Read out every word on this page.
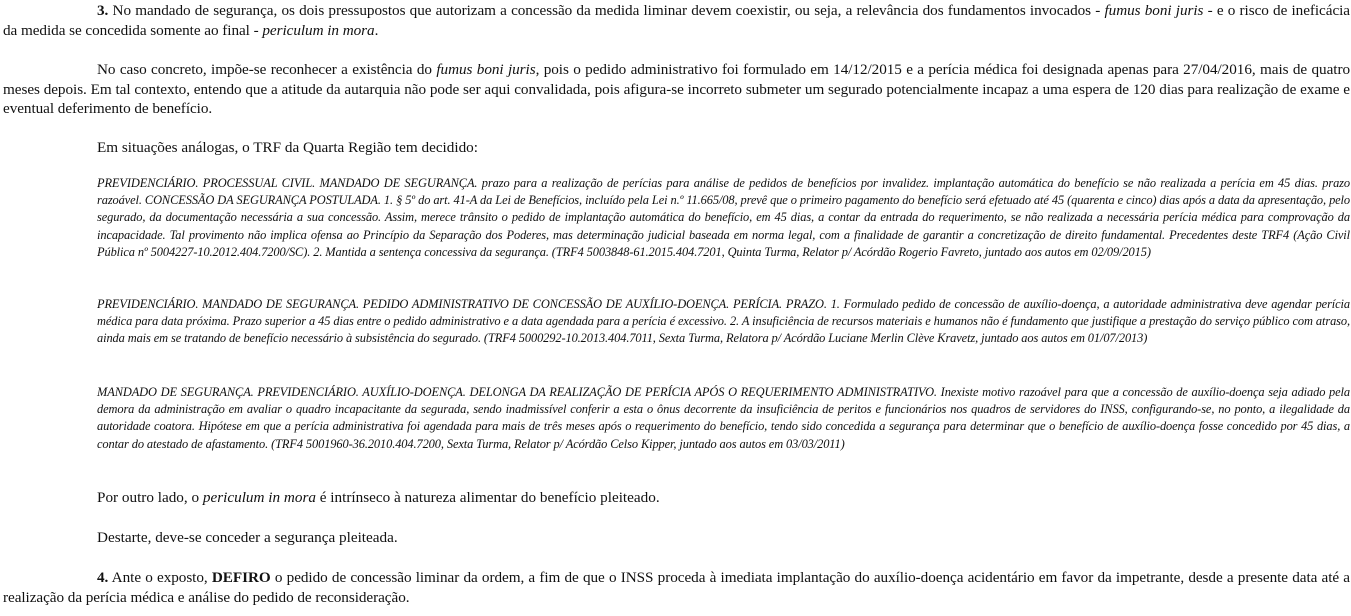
3. No mandado de segurança, os dois pressupostos que autorizam a concessão da medida liminar devem coexistir, ou seja, a relevância dos fundamentos invocados - fumus boni juris - e o risco de ineficácia da medida se concedida somente ao final - periculum in mora.

No caso concreto, impõe-se reconhecer a existência do fumus boni juris, pois o pedido administrativo foi formulado em 14/12/2015 e a perícia médica foi designada apenas para 27/04/2016, mais de quatro meses depois. Em tal contexto, entendo que a atitude da autarquia não pode ser aqui convalidada, pois afigura-se incorreto submeter um segurado potencialmente incapaz a uma espera de 120 dias para realização de exame e eventual deferimento de benefício.

Em situações análogas, o TRF da Quarta Região tem decidido:

PREVIDENCIÁRIO. PROCESSUAL CIVIL. MANDADO DE SEGURANÇA. prazo para a realização de perícias para análise de pedidos de benefícios por invalidez. implantação automática do benefício se não realizada a perícia em 45 dias. prazo razoável. CONCESSÃO DA SEGURANÇA POSTULADA. 1. § 5º do art. 41-A da Lei de Benefícios, incluído pela Lei n.º 11.665/08, prevê que o primeiro pagamento do benefício será efetuado até 45 (quarenta e cinco) dias após a data da apresentação, pelo segurado, da documentação necessária a sua concessão. Assim, merece trânsito o pedido de implantação automática do benefício, em 45 dias, a contar da entrada do requerimento, se não realizada a necessária perícia médica para comprovação da incapacidade. Tal provimento não implica ofensa ao Princípio da Separação dos Poderes, mas determinação judicial baseada em norma legal, com a finalidade de garantir a concretização de direito fundamental. Precedentes deste TRF4 (Ação Civil Pública nº 5004227-10.2012.404.7200/SC). 2. Mantida a sentença concessiva da segurança. (TRF4 5003848-61.2015.404.7201, Quinta Turma, Relator p/ Acórdão Rogerio Favreto, juntado aos autos em 02/09/2015)

PREVIDENCIÁRIO. MANDADO DE SEGURANÇA. PEDIDO ADMINISTRATIVO DE CONCESSÃO DE AUXÍLIO-DOENÇA. PERÍCIA. PRAZO. 1. Formulado pedido de concessão de auxílio-doença, a autoridade administrativa deve agendar perícia médica para data próxima. Prazo superior a 45 dias entre o pedido administrativo e a data agendada para a perícia é excessivo. 2. A insuficiência de recursos materiais e humanos não é fundamento que justifique a prestação do serviço público com atraso, ainda mais em se tratando de benefício necessário à subsistência do segurado. (TRF4 5000292-10.2013.404.7011, Sexta Turma, Relatora p/ Acórdão Luciane Merlin Clève Kravetz, juntado aos autos em 01/07/2013)

MANDADO DE SEGURANÇA. PREVIDENCIÁRIO. AUXÍLIO-DOENÇA. DELONGA DA REALIZAÇÃO DE PERÍCIA APÓS O REQUERIMENTO ADMINISTRATIVO. Inexiste motivo razoável para que a concessão de auxílio-doença seja adiado pela demora da administração em avaliar o quadro incapacitante da segurada, sendo inadmissível conferir a esta o ônus decorrente da insuficiência de peritos e funcionários nos quadros de servidores do INSS, configurando-se, no ponto, a ilegalidade da autoridade coatora. Hipótese em que a perícia administrativa foi agendada para mais de três meses após o requerimento do benefício, tendo sido concedida a segurança para determinar que o benefício de auxílio-doença fosse concedido por 45 dias, a contar do atestado de afastamento. (TRF4 5001960-36.2010.404.7200, Sexta Turma, Relator p/ Acórdão Celso Kipper, juntado aos autos em 03/03/2011)

Por outro lado, o periculum in mora é intrínseco à natureza alimentar do benefício pleiteado.

Destarte, deve-se conceder a segurança pleiteada.

4. Ante o exposto, DEFIRO o pedido de concessão liminar da ordem, a fim de que o INSS proceda à imediata implantação do auxílio-doença acidentário em favor da impetrante, desde a presente data até a realização da perícia médica e análise do pedido de reconsideração.
